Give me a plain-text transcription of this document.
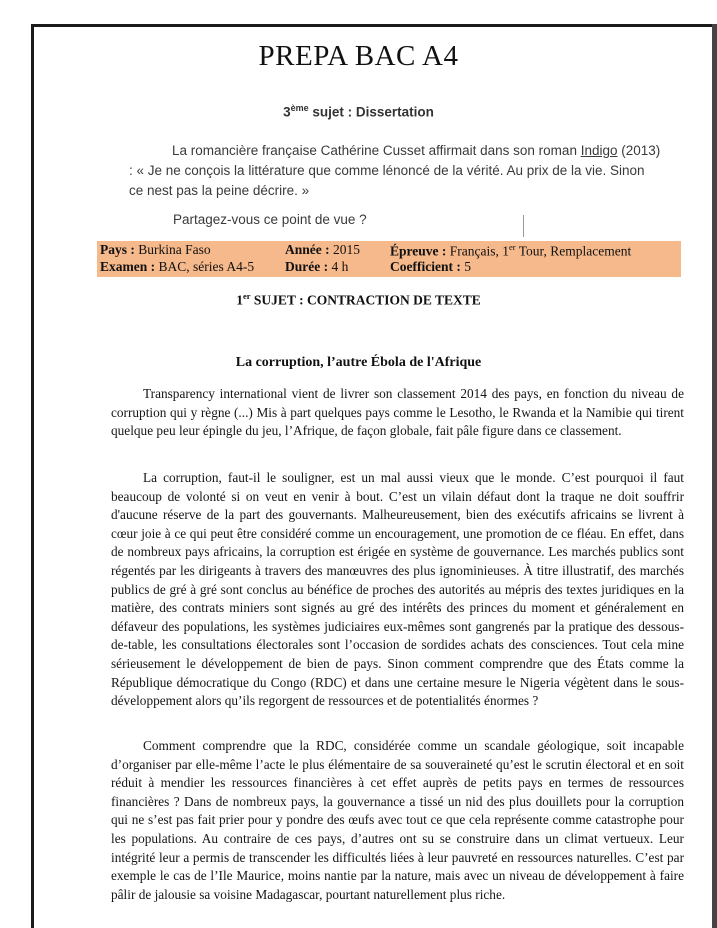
PREPA BAC A4
3ème sujet : Dissertation
La romancière française Cathérine Cusset affirmait dans son roman Indigo (2013) : « Je ne conçois la littérature que comme lénoncé de la vérité. Au prix de la vie. Sinon ce nest pas la peine décrire. »
Partagez-vous ce point de vue ?
Pays : Burkina Faso	Année : 2015 Épreuve : Français, 1er Tour, Remplacement
Examen : BAC, séries A4-5 Durée : 4 h	Coefficient : 5
1er SUJET : CONTRACTION DE TEXTE
La corruption, l’autre Ébola de l'Afrique
Transparency international vient de livrer son classement 2014 des pays, en fonction du niveau de corruption qui y règne (...) Mis à part quelques pays comme le Lesotho, le Rwanda et la Namibie qui tirent quelque peu leur épingle du jeu, l’Afrique, de façon globale, fait pâle figure dans ce classement.
La corruption, faut-il le souligner, est un mal aussi vieux que le monde. C’est pourquoi il faut beaucoup de volonté si on veut en venir à bout. C’est un vilain défaut dont la traque ne doit souffrir d'aucune réserve de la part des gouvernants. Malheureusement, bien des exécutifs africains se livrent à cœur joie à ce qui peut être considéré comme un encouragement, une promotion de ce fléau. En effet, dans de nombreux pays africains, la corruption est érigée en système de gouvernance. Les marchés publics sont régentés par les dirigeants à travers des manœuvres des plus ignominieuses. À titre illustratif, des marchés publics de gré à gré sont conclus au bénéfice de proches des autorités au mépris des textes juridiques en la matière, des contrats miniers sont signés au gré des intérêts des princes du moment et généralement en défaveur des populations, les systèmes judiciaires eux-mêmes sont gangrenés par la pratique des dessous-de-table, les consultations électorales sont l’occasion de sordides achats des consciences. Tout cela mine sérieusement le développement de bien de pays. Sinon comment comprendre que des États comme la République démocratique du Congo (RDC) et dans une certaine mesure le Nigeria végètent dans le sous-développement alors qu’ils regorgent de ressources et de potentialités énormes ?
Comment comprendre que la RDC, considérée comme un scandale géologique, soit incapable d’organiser par elle-même l’acte le plus élémentaire de sa souveraineté qu’est le scrutin électoral et en soit réduit à mendier les ressources financières à cet effet auprès de petits pays en termes de ressources financières ? Dans de nombreux pays, la gouvernance a tissé un nid des plus douillets pour la corruption qui ne s’est pas fait prier pour y pondre des œufs avec tout ce que cela représente comme catastrophe pour les populations. Au contraire de ces pays, d’autres ont su se construire dans un climat vertueux. Leur intégrité leur a permis de transcender les difficultés liées à leur pauvreté en ressources naturelles. C’est par exemple le cas de l’Ile Maurice, moins nantie par la nature, mais avec un niveau de développement à faire pâlir de jalousie sa voisine Madagascar, pourtant naturellement plus riche.
